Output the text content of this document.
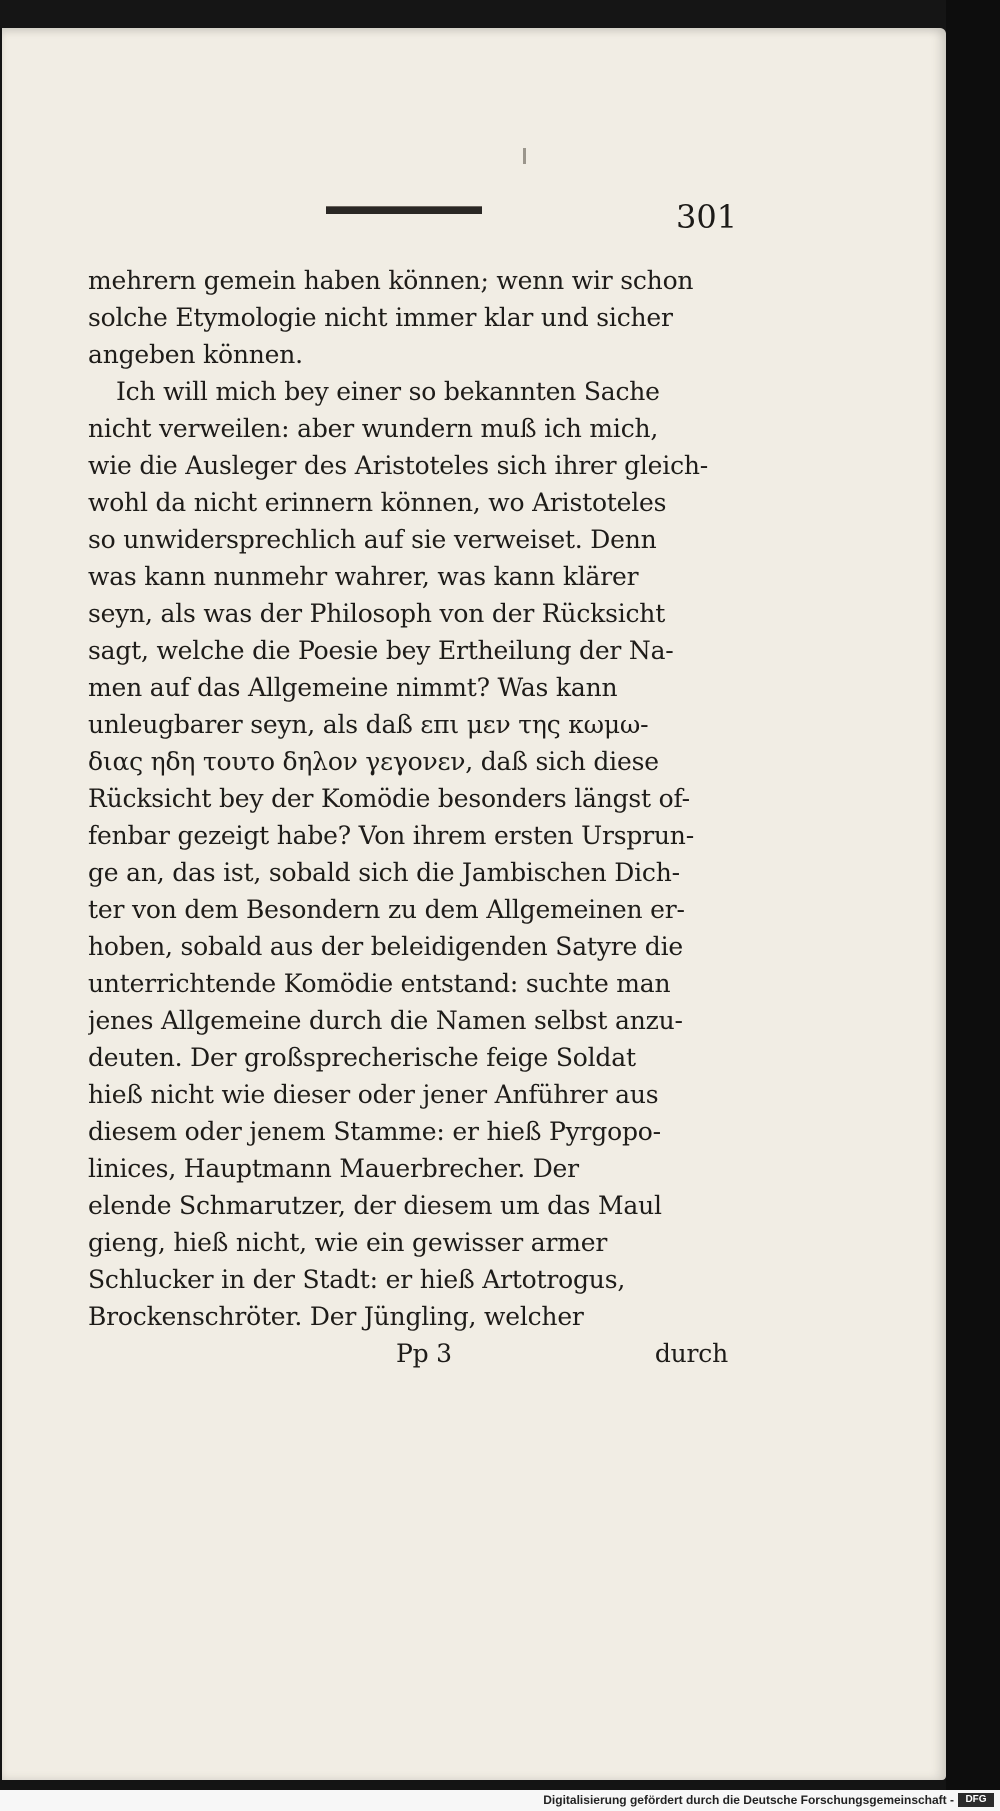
301
mehrern gemein haben können; wenn wir schon
solche Etymologie nicht immer klar und sicher
angeben können.
Ich will mich bey einer so bekannten Sache
nicht verweilen: aber wundern muß ich mich,
wie die Ausleger des Aristoteles sich ihrer gleich-
wohl da nicht erinnern können, wo Aristoteles
so unwidersprechlich auf sie verweiset. Denn
was kann nunmehr wahrer, was kann klärer
seyn, als was der Philosoph von der Rücksicht
sagt, welche die Poesie bey Ertheilung der Na-
men auf das Allgemeine nimmt? Was kann
unleugbarer seyn, als daß επι μεν της κωμω-
διας ηδη τουτο δηλον γεγονεν, daß sich diese
Rücksicht bey der Komödie besonders längst of-
fenbar gezeigt habe? Von ihrem ersten Ursprun-
ge an, das ist, sobald sich die Jambischen Dich-
ter von dem Besondern zu dem Allgemeinen er-
hoben, sobald aus der beleidigenden Satyre die
unterrichtende Komödie entstand: suchte man
jenes Allgemeine durch die Namen selbst anzu-
deuten. Der großsprecherische feige Soldat
hieß nicht wie dieser oder jener Anführer aus
diesem oder jenem Stamme: er hieß Pyrgopo-
linices, Hauptmann Mauerbrecher. Der
elende Schmarutzer, der diesem um das Maul
gieng, hieß nicht, wie ein gewisser armer
Schlucker in der Stadt: er hieß Artotrogus,
Brockenschröter. Der Jüngling, welcher
Pp 3	durch
Digitalisierung gefördert durch die Deutsche Forschungsgemeinschaft -	DFG
